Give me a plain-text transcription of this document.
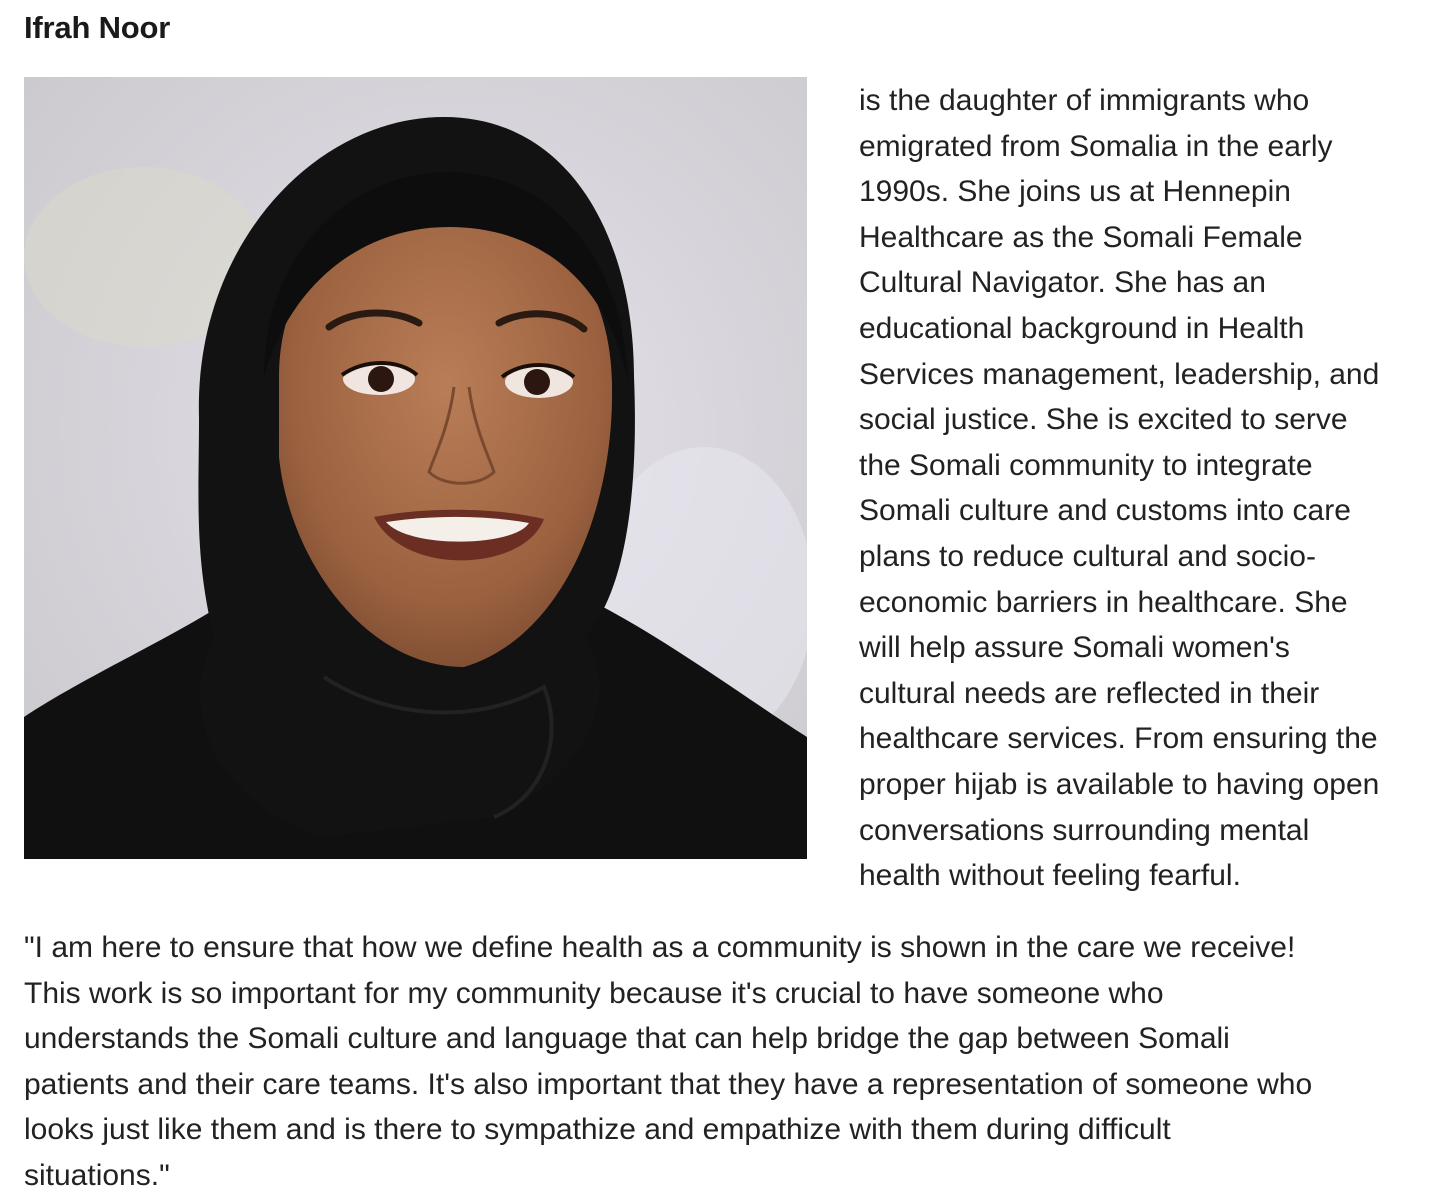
Ifrah Noor

is the daughter of immigrants who
emigrated from Somalia in the early
1990s. She joins us at Hennepin
Healthcare as the Somali Female
Cultural Navigator. She has an
educational background in Health
Services management, leadership, and
social justice. She is excited to serve
the Somali community to integrate
Somali culture and customs into care
plans to reduce cultural and socio-
economic barriers in healthcare. She
will help assure Somali women's
cultural needs are reflected in their
healthcare services. From ensuring the
proper hijab is available to having open
conversations surrounding mental
health without feeling fearful.

"I am here to ensure that how we define health as a community is shown in the care we receive!
This work is so important for my community because it's crucial to have someone who
understands the Somali culture and language that can help bridge the gap between Somali
patients and their care teams. It's also important that they have a representation of someone who
looks just like them and is there to sympathize and empathize with them during difficult
situations."
